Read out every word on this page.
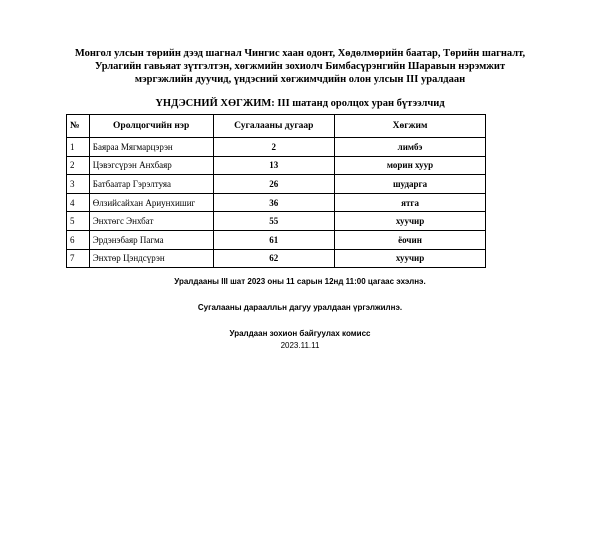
Монгол улсын төрийн дээд шагнал Чингис хаан одонт, Хөдөлмөрийн баатар, Төрийн шагналт,
Урлагийн гавьяат зүтгэлтэн, хөгжмийн зохиолч Бимбасүрэнгийн Шаравын нэрэмжит
мэргэжлийн дуучид, үндэсний хөгжимчдийн олон улсын III уралдаан
ҮНДЭСНИЙ ХӨГЖИМ: III шатанд оролцох уран бүтээлчид
№	Оролцогчийн нэр	Сугалааны дугаар	Хөгжим
1	Баяраа Мягмарцэрэн	2	лимбэ
2	Цэвэгсүрэн Анхбаяр	13	морин хуур
3	Батбаатар Гэрэлтуяа	26	шударга
4	Өлзийсайхан Ариунхишиг	36	ятга
5	Энхтөгс Энхбат	55	хуучир
6	Эрдэнэбаяр Пагма	61	ёочин
7	Энхтөр Цэндсүрэн	62	хуучир
Уралдааны III шат 2023 оны 11 сарын 12нд 11:00 цагаас эхэлнэ.
Сугалааны дараалльн дагуу уралдаан үргэлжилнэ.
Уралдаан зохион байгуулах комисс
2023.11.11
